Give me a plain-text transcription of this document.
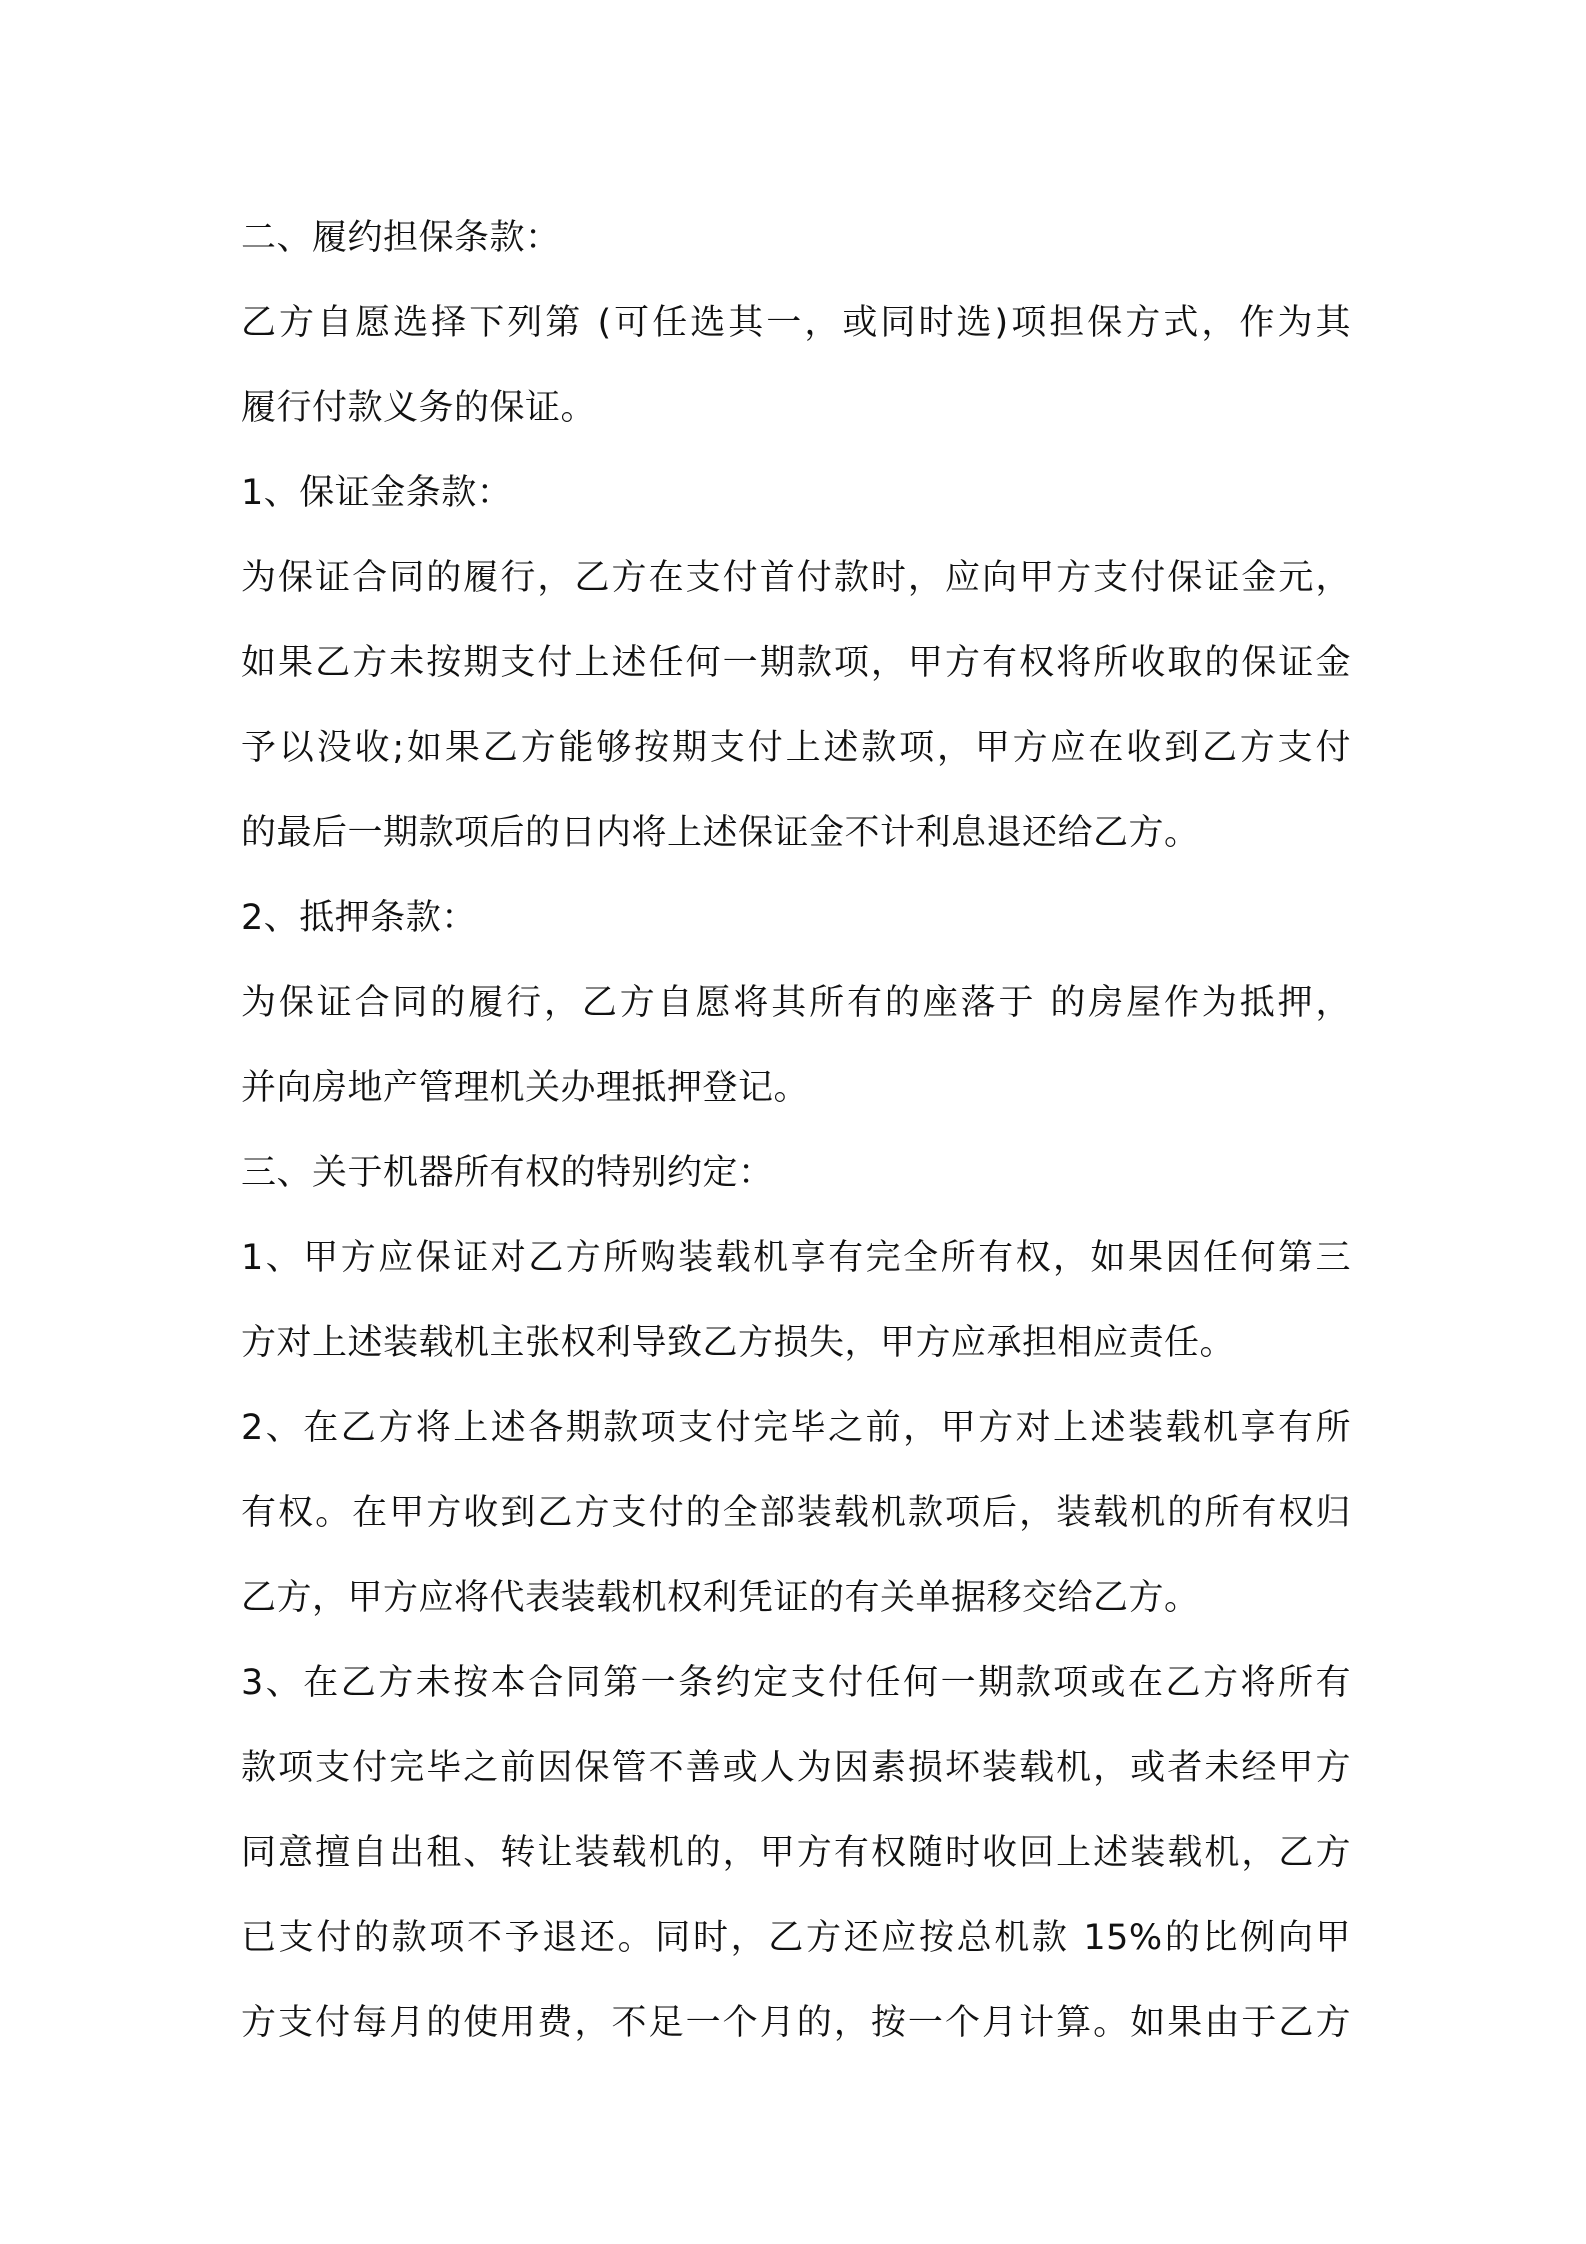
二、履约担保条款：
乙方自愿选择下列第 (可任选其一，或同时选)项担保方式，作为其
履行付款义务的保证。
1、保证金条款：
为保证合同的履行，乙方在支付首付款时，应向甲方支付保证金元，
如果乙方未按期支付上述任何一期款项，甲方有权将所收取的保证金
予以没收;如果乙方能够按期支付上述款项，甲方应在收到乙方支付
的最后一期款项后的日内将上述保证金不计利息退还给乙方。
2、抵押条款：
为保证合同的履行，乙方自愿将其所有的座落于 的房屋作为抵押，
并向房地产管理机关办理抵押登记。
三、关于机器所有权的特别约定：
1、甲方应保证对乙方所购装载机享有完全所有权，如果因任何第三
方对上述装载机主张权利导致乙方损失，甲方应承担相应责任。
2、在乙方将上述各期款项支付完毕之前，甲方对上述装载机享有所
有权。在甲方收到乙方支付的全部装载机款项后，装载机的所有权归
乙方，甲方应将代表装载机权利凭证的有关单据移交给乙方。
3、在乙方未按本合同第一条约定支付任何一期款项或在乙方将所有
款项支付完毕之前因保管不善或人为因素损坏装载机，或者未经甲方
同意擅自出租、转让装载机的，甲方有权随时收回上述装载机，乙方
已支付的款项不予退还。同时，乙方还应按总机款 15%的比例向甲
方支付每月的使用费，不足一个月的，按一个月计算。如果由于乙方
